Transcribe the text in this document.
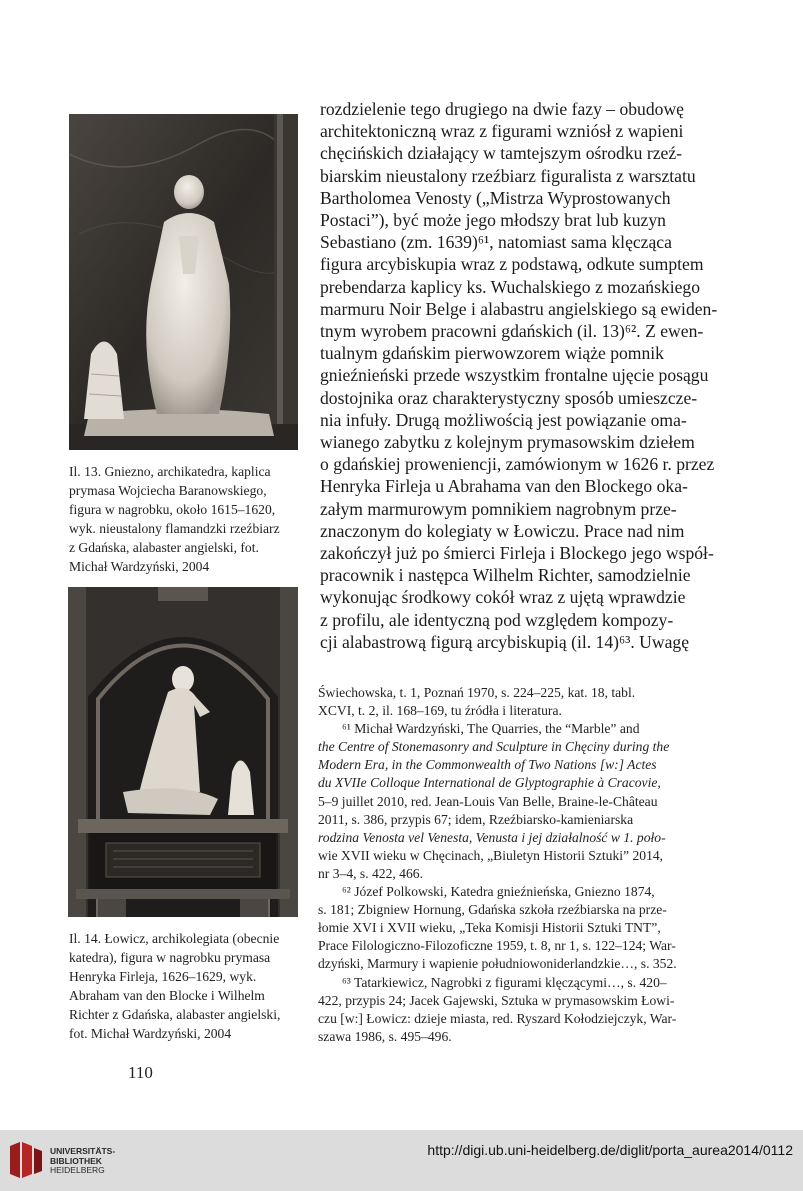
Il. 13. Gniezno, archikatedra, kaplica
prymasa Wojciecha Baranowskiego,
figura w nagrobku, około 1615–1620,
wyk. nieustalony flamandzki rzeźbiarz
z Gdańska, alabaster angielski, fot.
Michał Wardzyński, 2004

Il. 14. Łowicz, archikolegiata (obecnie
katedra), figura w nagrobku prymasa
Henryka Firleja, 1626–1629, wyk.
Abraham van den Blocke i Wilhelm
Richter z Gdańska, alabaster angielski,
fot. Michał Wardzyński, 2004

rozdzielenie tego drugiego na dwie fazy – obudowę
architektoniczną wraz z figurami wzniósł z wapieni
chęcińskich działający w tamtejszym ośrodku rzeź-
biarskim nieustalony rzeźbiarz figuralista z warsztatu
Bartholomea Venosty („Mistrza Wyprostowanych
Postaci”), być może jego młodszy brat lub kuzyn
Sebastiano (zm. 1639)⁶¹, natomiast sama klęcząca
figura arcybiskupia wraz z podstawą, odkute sumptem
prebendarza kaplicy ks. Wuchalskiego z mozańskiego
marmuru Noir Belge i alabastru angielskiego są ewiden-
tnym wyrobem pracowni gdańskich (il. 13)⁶². Z ewen-
tualnym gdańskim pierwowzorem wiąże pomnik
gnieźnieński przede wszystkim frontalne ujęcie posągu
dostojnika oraz charakterystyczny sposób umieszcze-
nia infuły. Drugą możliwością jest powiązanie oma-
wianego zabytku z kolejnym prymasowskim dziełem
o gdańskiej proweniencji, zamówionym w 1626 r. przez
Henryka Firleja u Abrahama van den Blockego oka-
załym marmurowym pomnikiem nagrobnym prze-
znaczonym do kolegiaty w Łowiczu. Prace nad nim
zakończył już po śmierci Firleja i Blockego jego współ-
pracownik i następca Wilhelm Richter, samodzielnie
wykonując środkowy cokół wraz z ujętą wprawdzie
z profilu, ale identyczną pod względem kompozy-
cji alabastrową figurą arcybiskupią (il. 14)⁶³. Uwagę

Świechowska, t. 1, Poznań 1970, s. 224–225, kat. 18, tabl.
XCVI, t. 2, il. 168–169, tu źródła i literatura.
⁶¹ Michał Wardzyński, The Quarries, the “Marble” and
the Centre of Stonemasonry and Sculpture in Chęciny during the
Modern Era, in the Commonwealth of Two Nations [w:] Actes
du XVIIe Colloque International de Glyptographie à Cracovie,
5–9 juillet 2010, red. Jean-Louis Van Belle, Braine-le-Château
2011, s. 386, przypis 67; idem, Rzeźbiarsko-kamieniarska
rodzina Venosta vel Venesta, Venusta i jej działalność w 1. poło-
wie XVII wieku w Chęcinach, „Biuletyn Historii Sztuki” 2014,
nr 3–4, s. 422, 466.
⁶² Józef Polkowski, Katedra gnieźnieńska, Gniezno 1874,
s. 181; Zbigniew Hornung, Gdańska szkoła rzeźbiarska na prze-
łomie XVI i XVII wieku, „Teka Komisji Historii Sztuki TNT”,
Prace Filologiczno-Filozoficzne 1959, t. 8, nr 1, s. 122–124; War-
dzyński, Marmury i wapienie południowoniderlandzkie…, s. 352.
⁶³ Tatarkiewicz, Nagrobki z figurami klęczącymi…, s. 420–
422, przypis 24; Jacek Gajewski, Sztuka w prymasowskim Łowi-
czu [w:] Łowicz: dzieje miasta, red. Ryszard Kołodziejczyk, War-
szawa 1986, s. 495–496.

110
UNIVERSITÄTS-
BIBLIOTHEK
HEIDELBERG
http://digi.ub.uni-heidelberg.de/diglit/porta_aurea2014/0112
